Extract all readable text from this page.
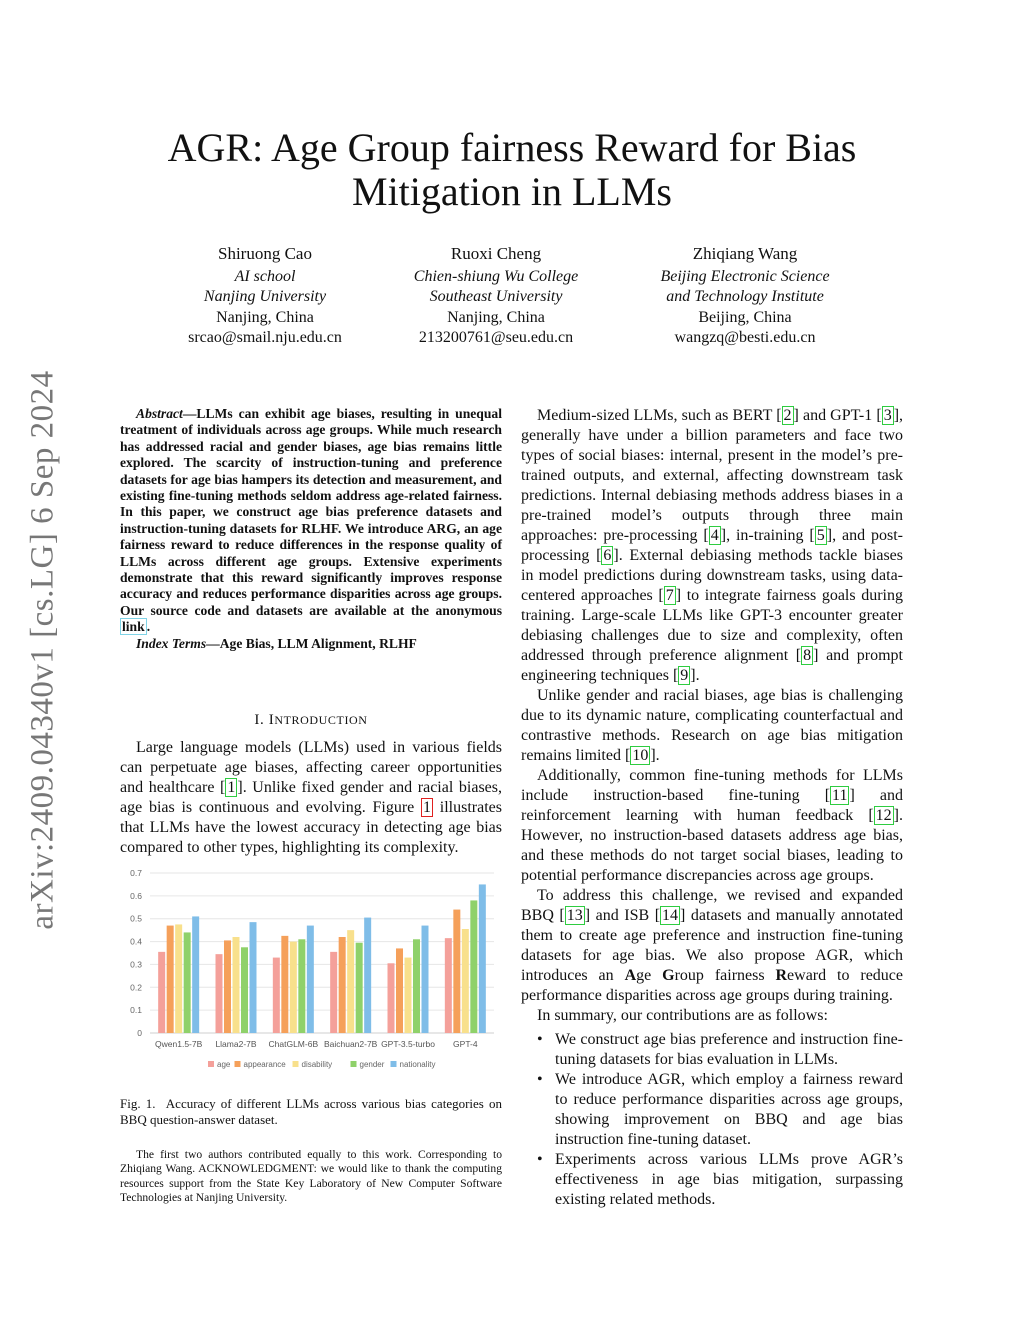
arXiv:2409.04340v1 [cs.LG] 6 Sep 2024
AGR: Age Group fairness Reward for Bias
Mitigation in LLMs
Shiruong Cao
AI school
Nanjing University
Nanjing, China
srcao@smail.nju.edu.cn
Ruoxi Cheng
Chien-shiung Wu College
Southeast University
Nanjing, China
213200761@seu.edu.cn
Zhiqiang Wang
Beijing Electronic Science
and Technology Institute
Beijing, China
wangzq@besti.edu.cn

Abstract—LLMs can exhibit age biases, resulting in unequal treatment of individuals across age groups. While much research has addressed racial and gender biases, age bias remains little explored. The scarcity of instruction-tuning and preference datasets for age bias hampers its detection and measurement, and existing fine-tuning methods seldom address age-related fairness. In this paper, we construct age bias preference datasets and instruction-tuning datasets for RLHF. We introduce ARG, an age fairness reward to reduce differences in the response quality of LLMs across different age groups. Extensive experiments demonstrate that this reward significantly improves response accuracy and reduces performance disparities across age groups. Our source code and datasets are available at the anonymous link .

Index Terms—Age Bias, LLM Alignment, RLHF

I. INTRODUCTION

Large language models (LLMs) used in various fields can perpetuate age biases, affecting career opportunities and healthcare [ 1 ]. Unlike fixed gender and racial biases, age bias is continuous and evolving. Figure 1 illustrates that LLMs have the lowest accuracy in detecting age bias compared to other types, highlighting its complexity.

0
0.1
0.2
0.3
0.4
0.5
0.6
0.7
Qwen1.5-7B Llama2-7B ChatGLM-6B Baichuan2-7B GPT-3.5-turbo GPT-4
age appearance disability	gender nationality
Fig. 1. Accuracy of different LLMs across various bias categories on BBQ question-answer dataset.
The first two authors contributed equally to this work. Corresponding to Zhiqiang Wang. ACKNOWLEDGMENT: we would like to thank the computing resources support from the State Key Laboratory of New Computer Software Technologies at Nanjing University.

Medium-sized LLMs, such as BERT [ 2 ] and GPT-1 [ 3 ], generally have under a billion parameters and face two types of social biases: internal, present in the model’s pre-trained outputs, and external, affecting downstream task predictions. Internal debiasing methods address biases in a pre-trained model’s outputs through three main approaches: pre-processing [ 4 ], in-training [ 5 ], and post-processing [ 6 ]. External debiasing methods tackle biases in model predictions during downstream tasks, using data-centered approaches [ 7 ] to integrate fairness goals during training. Large-scale LLMs like GPT-3 encounter greater debiasing challenges due to size and complexity, often addressed through preference alignment [ 8 ] and prompt engineering techniques [ 9 ].

Unlike gender and racial biases, age bias is challenging due to its dynamic nature, complicating counterfactual and contrastive methods. Research on age bias mitigation remains limited [ 10 ].

Additionally, common fine-tuning methods for LLMs include instruction-based fine-tuning [ 11 ] and reinforcement learning with human feedback [ 12 ]. However, no instruction-based datasets address age bias, and these methods do not target social biases, leading to potential performance discrepancies across age groups.

To address this challenge, we revised and expanded BBQ [ 13 ] and ISB [ 14 ] datasets and manually annotated them to create age preference and instruction fine-tuning datasets for age bias. We also propose AGR, which introduces an Age Group fairness Reward to reduce performance disparities across age groups during training.

In summary, our contributions are as follows:

• We construct age bias preference and instruction fine-tuning datasets for bias evaluation in LLMs.
• We introduce AGR, which employ a fairness reward to reduce performance disparities across age groups, showing improvement on BBQ and age bias instruction fine-tuning dataset.
• Experiments across various LLMs prove AGR’s effectiveness in age bias mitigation, surpassing existing related methods.
